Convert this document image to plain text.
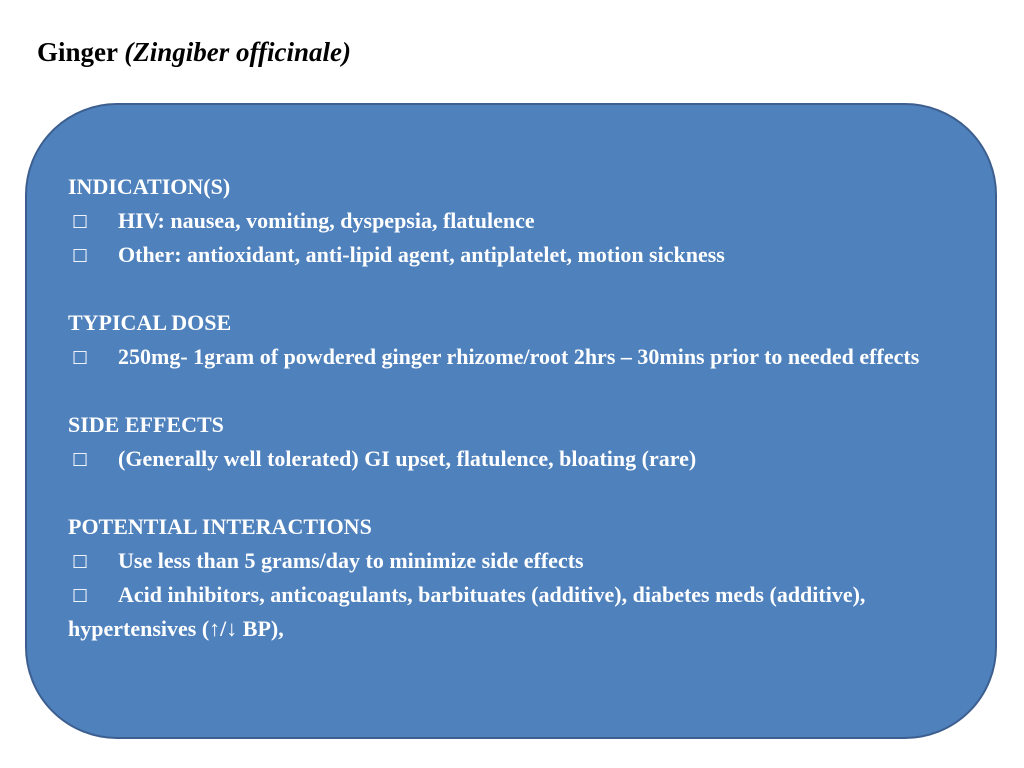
Ginger (Zingiber officinale)
INDICATION(S)
□ HIV: nausea, vomiting, dyspepsia, flatulence
□ Other: antioxidant, anti-lipid agent, antiplatelet, motion sickness
TYPICAL DOSE
□ 250mg- 1gram of powdered ginger rhizome/root 2hrs – 30mins prior to needed effects
SIDE EFFECTS
□ (Generally well tolerated) GI upset, flatulence, bloating (rare)
POTENTIAL INTERACTIONS
□ Use less than 5 grams/day to minimize side effects
□ Acid inhibitors, anticoagulants, barbituates (additive), diabetes meds (additive), hypertensives (↑/↓ BP),
